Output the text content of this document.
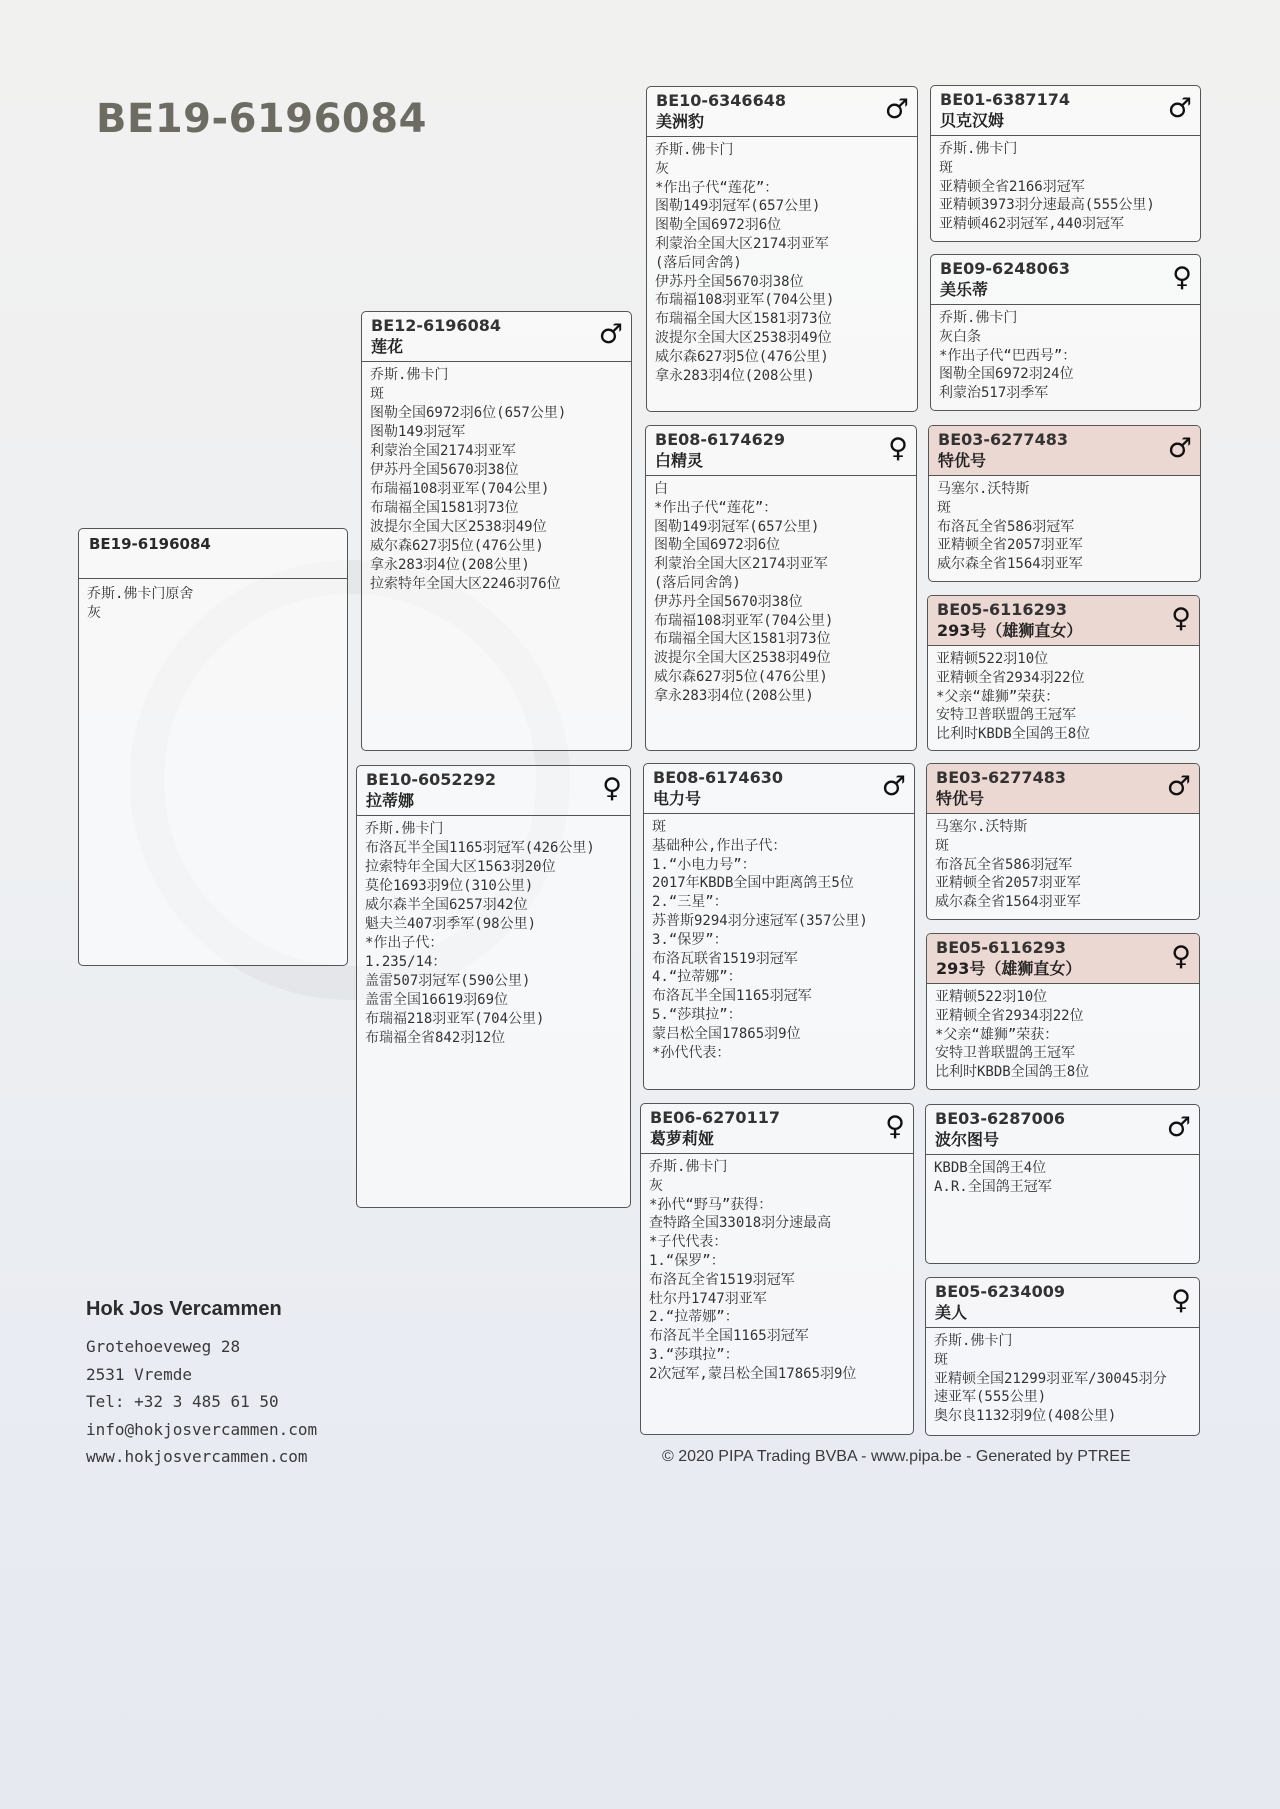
BE19-6196084
BE19-6196084
乔斯.佛卡门原舍
灰
BE12-6196084
莲花	♂
乔斯.佛卡门
斑
图勒全国6972羽6位(657公里)
图勒149羽冠军
利蒙治全国2174羽亚军
伊苏丹全国5670羽38位
布瑞福108羽亚军(704公里)
布瑞福全国1581羽73位
波提尔全国大区2538羽49位
威尔森627羽5位(476公里)
拿永283羽4位(208公里)
拉索特年全国大区2246羽76位
BE10-6052292
拉蒂娜	♀
乔斯.佛卡门
布洛瓦半全国1165羽冠军(426公里)
拉索特年全国大区1563羽20位
莫伦1693羽9位(310公里)
威尔森半全国6257羽42位
魁夫兰407羽季军(98公里)
*作出子代：
1.235/14：
盖雷507羽冠军(590公里)
盖雷全国16619羽69位
布瑞福218羽亚军(704公里)
布瑞福全省842羽12位
BE10-6346648
美洲豹	♂
乔斯.佛卡门
灰
*作出子代“莲花”：
图勒149羽冠军(657公里)
图勒全国6972羽6位
利蒙治全国大区2174羽亚军
(落后同舍鸽)
伊苏丹全国5670羽38位
布瑞福108羽亚军(704公里)
布瑞福全国大区1581羽73位
波提尔全国大区2538羽49位
威尔森627羽5位(476公里)
拿永283羽4位(208公里)
BE08-6174629
白精灵	♀
白
*作出子代“莲花”：
图勒149羽冠军(657公里)
图勒全国6972羽6位
利蒙治全国大区2174羽亚军
(落后同舍鸽)
伊苏丹全国5670羽38位
布瑞福108羽亚军(704公里)
布瑞福全国大区1581羽73位
波提尔全国大区2538羽49位
威尔森627羽5位(476公里)
拿永283羽4位(208公里)
BE08-6174630
电力号	♂
斑
基础种公,作出子代：
1.“小电力号”：
2017年KBDB全国中距离鸽王5位
2.“三星”：
苏普斯9294羽分速冠军(357公里)
3.“保罗”：
布洛瓦联省1519羽冠军
4.“拉蒂娜”：
布洛瓦半全国1165羽冠军
5.“莎琪拉”：
蒙吕松全国17865羽9位
*孙代代表：
BE06-6270117
葛萝莉娅	♀
乔斯.佛卡门
灰
*孙代“野马”获得：
查特路全国33018羽分速最高
*子代代表：
1.“保罗”：
布洛瓦全省1519羽冠军
杜尔丹1747羽亚军
2.“拉蒂娜”：
布洛瓦半全国1165羽冠军
3.“莎琪拉”：
2次冠军,蒙吕松全国17865羽9位
BE01-6387174
贝克汉姆	♂
乔斯.佛卡门
斑
亚精顿全省2166羽冠军
亚精顿3973羽分速最高(555公里)
亚精顿462羽冠军,440羽冠军
BE09-6248063
美乐蒂	♀
乔斯.佛卡门
灰白条
*作出子代“巴西号”：
图勒全国6972羽24位
利蒙治517羽季军
BE03-6277483
特优号	♂
马塞尔.沃特斯
斑
布洛瓦全省586羽冠军
亚精顿全省2057羽亚军
威尔森全省1564羽亚军
BE05-6116293
293号（雄狮直女）	♀
亚精顿522羽10位
亚精顿全省2934羽22位
*父亲“雄狮”荣获：
安特卫普联盟鸽王冠军
比利时KBDB全国鸽王8位
BE03-6277483
特优号	♂
马塞尔.沃特斯
斑
布洛瓦全省586羽冠军
亚精顿全省2057羽亚军
威尔森全省1564羽亚军
BE05-6116293
293号（雄狮直女）	♀
亚精顿522羽10位
亚精顿全省2934羽22位
*父亲“雄狮”荣获：
安特卫普联盟鸽王冠军
比利时KBDB全国鸽王8位
BE03-6287006
波尔图号	♂
KBDB全国鸽王4位
A.R.全国鸽王冠军
BE05-6234009
美人	♀
乔斯.佛卡门
斑
亚精顿全国21299羽亚军/30045羽分
速亚军(555公里)
奥尔良1132羽9位(408公里)
Hok Jos Vercammen
Grotehoeveweg 28
2531 Vremde
Tel: +32 3 485 61 50
info@hokjosvercammen.com
www.hokjosvercammen.com	© 2020 PIPA Trading BVBA - www.pipa.be - Generated by PTREE
